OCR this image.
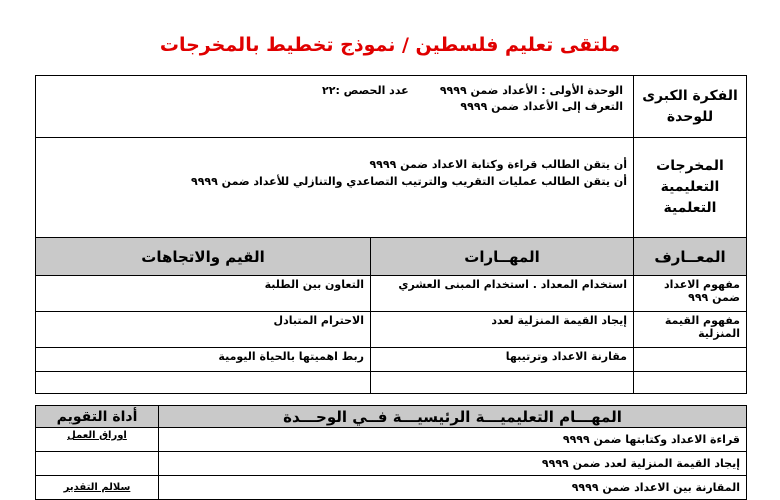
ملتقى تعليم فلسطين / نموذج تخطيط بالمخرجات
الفكرة الكبرى للوحدة	الوحدة الأولى : الأعداد ضمن ٩٩٩٩
التعرف إلى الأعداد ضمن ٩٩٩٩
عدد الحصص :٢٢	

المخرجات التعليمية التعلمية	أن يتقن الطالب قراءة وكتابة الاعداد ضمن ٩٩٩٩
أن يتقن الطالب عمليات التقريب والترتيب التصاعدي والتنازلي للأعداد ضمن ٩٩٩٩	

المعــارف	المهــارات	القيم والاتجاهات
مفهوم الاعداد ضمن ٩٩٩	استخدام المعداد . استخدام المبنى العشري	التعاون بين الطلبة
مفهوم القيمة المنزلية	إيجاد القيمة المنزلية لعدد	الاحترام المتبادل
	مقارنة الاعداد وترتيبها	ربط اهميتها بالحياة اليومية

المهـــام التعليميـــة الرئيسيـــة فــي الوحـــدة	أداة التقويم
قراءة الاعداد وكتابتها ضمن ٩٩٩٩	اوراق العمل
إيجاد القيمة المنزلية لعدد ضمن ٩٩٩٩	
المقارنة بين الاعداد ضمن ٩٩٩٩	سلالم التقدير
